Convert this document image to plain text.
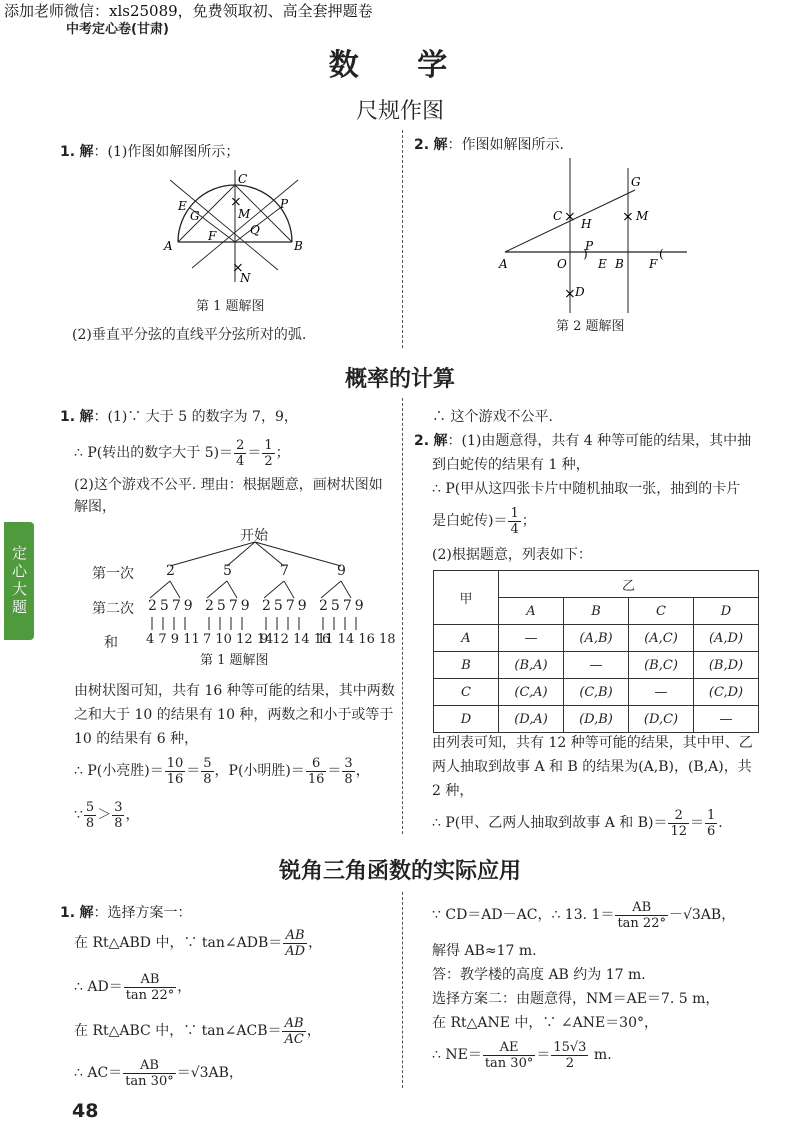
添加老师微信：xls25089，免费领取初、高全套押题卷
中考定心卷(甘肃)
数 学
尺规作图
1. 解：(1)作图如解图所示；
×
×
A	B
C
E
G	M
P
Q
F
N
第 1 题解图
(2)垂直平分弦的直线平分弦所对的弧.
2. 解：作图如解图所示.
×	×
×
)	(
A	O
P
E B F
C
H
M
G
D
第 2 题解图
概率的计算
1. 解：(1)∵ 大于 5 的数字为 7，9，
∴ P(转出的数字大于 $5)= \frac{2}{4} = \frac{1}{2}$ ；
(2)这个游戏不公平. 理由：根据题意，画树状图如
解图，
开始
第一次 2	5	7	9
第二次 2579 2579 2579 2579
和 4 7 9 11 7 10 12 14
9 12 14 16
11 14 16 18
第 1 题解图
由树状图可知，共有 16 种等可能的结果，其中两数
之和大于 10 的结果有 10 种，两数之和小于或等于
10 的结果有 6 种，
∴ P(小亮胜)＝ $\frac{10}{16} = \frac{5}{8}$ ，P(小明胜)＝ $\frac{6}{16} = \frac{3}{8}$ ，
∵ $\frac{5}{8} > \frac{3}{8}$ ，
∴ 这个游戏不公平.
2. 解：(1)由题意得，共有 4 种等可能的结果，其中抽
到白蛇传的结果有 1 种，
∴ P(甲从这四张卡片中随机抽取一张，抽到的卡片
是白蛇传)＝ $\frac{1}{4}$ ；
(2)根据题意，列表如下：
甲	乙			
	A	B	C	D
A	—	(A,B)	(A,C)	(A,D)
B	(B,A)	—	(B,C)	(B,D)
C	(C,A)	(C,B)	—	(C,D)
D	(D,A)	(D,B)	(D,C)	—
由列表可知，共有 12 种等可能的结果，其中甲、乙
两人抽取到故事 A 和 B 的结果为(A,B)，(B,A)，共
2 种，
∴ P(甲、乙两人抽取到故事 A 和 $B)= \frac{2}{12} = \frac{1}{6}$ .
锐角三角函数的实际应用
1. 解：选择方案一：
在 Rt△ABD 中，∵ tan∠ADB＝ $\frac{AB}{AD}$ ，
∴ $AD= \frac{AB}{\tan 22^\circ}$ ，
在 Rt△ABC 中，∵ tan∠ACB＝ $\frac{AB}{AC}$ ，
∴ $AC= \frac{AB}{\tan 30^\circ} =√3AB$，
∵ CD＝AD－AC，∴ 13. $1= \frac{AB}{\tan 22^\circ} -√3AB$，
解得 AB≈17 m.
答：教学楼的高度 AB 约为 17 m.
选择方案二：由题意得，NM＝AE＝7. 5 m，
在 Rt△ANE 中，∵ ∠ANE＝30°，
∴ $NE= \frac{AE}{\tan 30^\circ} = \frac{15√3}{2} m$.
定心大题
48
